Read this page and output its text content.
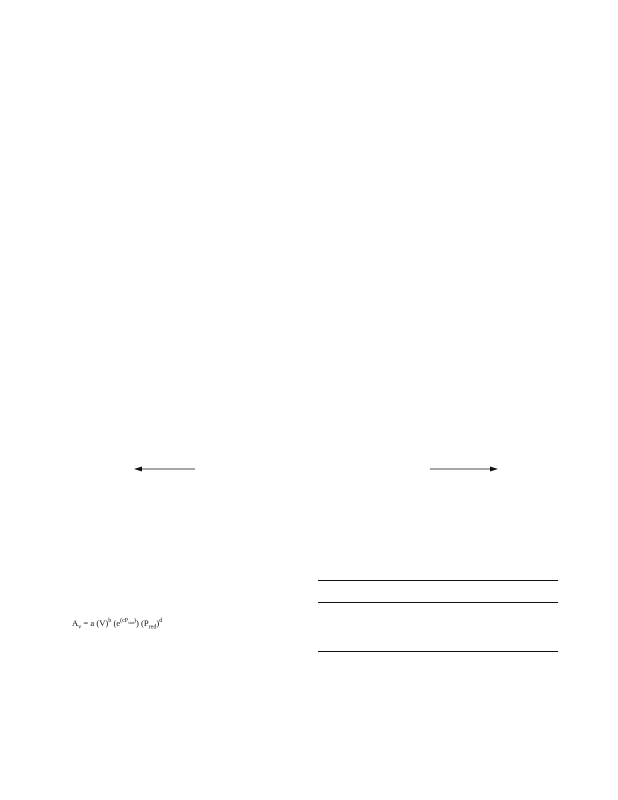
$A_v = a$ $(V)^b$ $(e^{(cP_{stat})})$ $(P_{red})^d$
